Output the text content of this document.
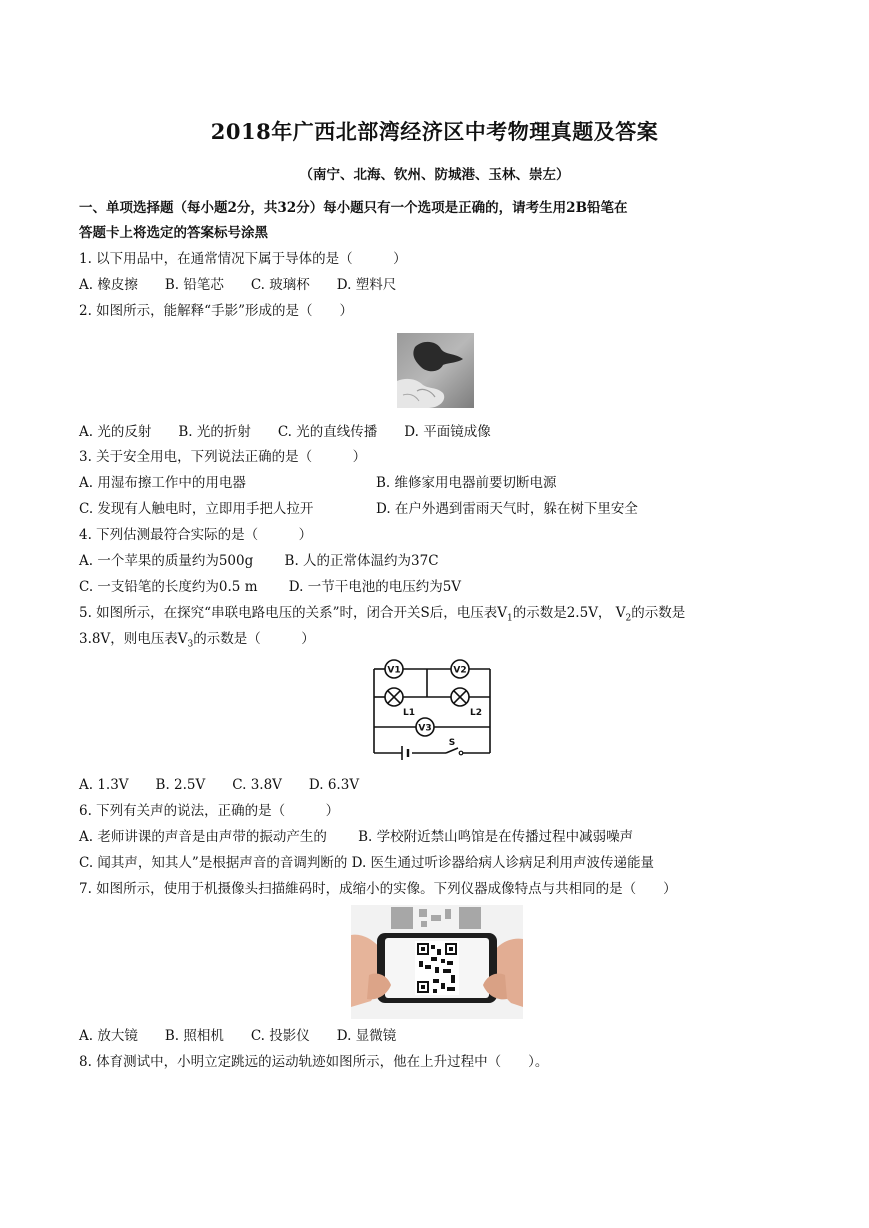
2018年广西北部湾经济区中考物理真题及答案
（南宁、北海、钦州、防城港、玉林、崇左）
一、单项选择题（每小题2分，共32分）每小题只有一个选项是正确的，请考生用2B铅笔在
答题卡上将选定的答案标号涂黑
1. 以下用品中，在通常情况下属于导体的是（　　　）
A. 橡皮擦　　B. 铅笔芯　　C. 玻璃杯　　D. 塑料尺
2. 如图所示，能解释“手影”形成的是（　　）
A. 光的反射　　B. 光的折射　　C. 光的直线传播　　D. 平面镜成像
3. 关于安全用电，下列说法正确的是（　　　）
A. 用湿布擦工作中的用电器	B. 维修家用电器前要切断电源
C. 发现有人触电时，立即用手把人拉开	D. 在户外遇到雷雨天气时，躲在树下里安全
4. 下列估测最符合实际的是（　　　）
A. 一个苹果的质量约为500g　　 B. 人的正常体温约为37C
C. 一支铅笔的长度约为0.5 m　　 D. 一节干电池的电压约为5V
5. 如图所示，在探究“串联电路电压的关系”时，闭合开关S后，电压表$V_1$的示数是2.5V， $V_2$的示数是
3.8V，则电压表$V_3$的示数是（　　　）
V1	V2
V3
L1	L2
S
A. 1.3V　　B. 2.5V　　C. 3.8V　　D. 6.3V
6. 下列有关声的说法，正确的是（　　　）
A. 老师讲课的声音是由声带的振动产生的　　 B. 学校附近禁山鸣馆是在传播过程中减弱噪声
C. 闻其声，知其人”是根据声音的音调判断的 D. 医生通过听诊器给病人诊病足利用声波传递能量
7. 如图所示，使用于机摄像头扫描維码时，成缩小的实像。下列仪器成像特点与共相同的是（　　）
A. 放大镜　　B. 照相机　　C. 投影仪　　D. 显微镜
8. 体育测试中，小明立定跳远的运动轨迹如图所示，他在上升过程中（　　）。
